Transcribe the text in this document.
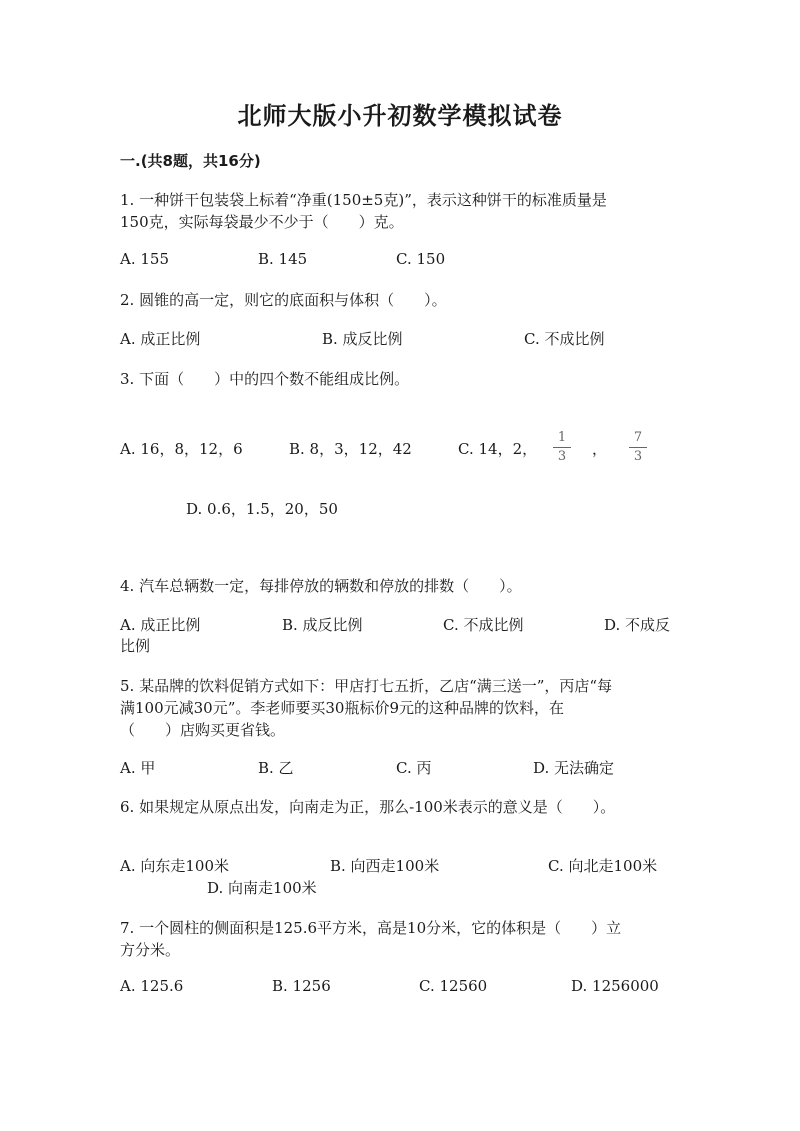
北师大版小升初数学模拟试卷
一.(共8题，共16分)
1. 一种饼干包装袋上标着“净重(150±5克)”，表示这种饼干的标准质量是
150克，实际每袋最少不少于（　　）克。
A. 155	B. 145	C. 150
2. 圆锥的高一定，则它的底面积与体积（　　）。
A. 成正比例	B. 成反比例	C. 不成比例
3. 下面（　　）中的四个数不能组成比例。
A. 16，8，12，6	B. 8，3，12，42	C. 14，2，
1
3	，
7
3
D. 0.6，1.5，20，50
4. 汽车总辆数一定，每排停放的辆数和停放的排数（　　）。
A. 成正比例	B. 成反比例	C. 不成比例	D. 不成反
比例
5. 某品牌的饮料促销方式如下：甲店打七五折，乙店“满三送一”，丙店“每
满100元减30元”。李老师要买30瓶标价9元的这种品牌的饮料，在
（　　）店购买更省钱。
A. 甲	B. 乙	C. 丙	D. 无法确定
6. 如果规定从原点出发，向南走为正，那么-100米表示的意义是（　　）。
A. 向东走100米	B. 向西走100米	C. 向北走100米
D. 向南走100米
7. 一个圆柱的侧面积是125.6平方米，高是10分米，它的体积是（　　）立
方分米。
A. 125.6	B. 1256	C. 12560	D. 1256000
